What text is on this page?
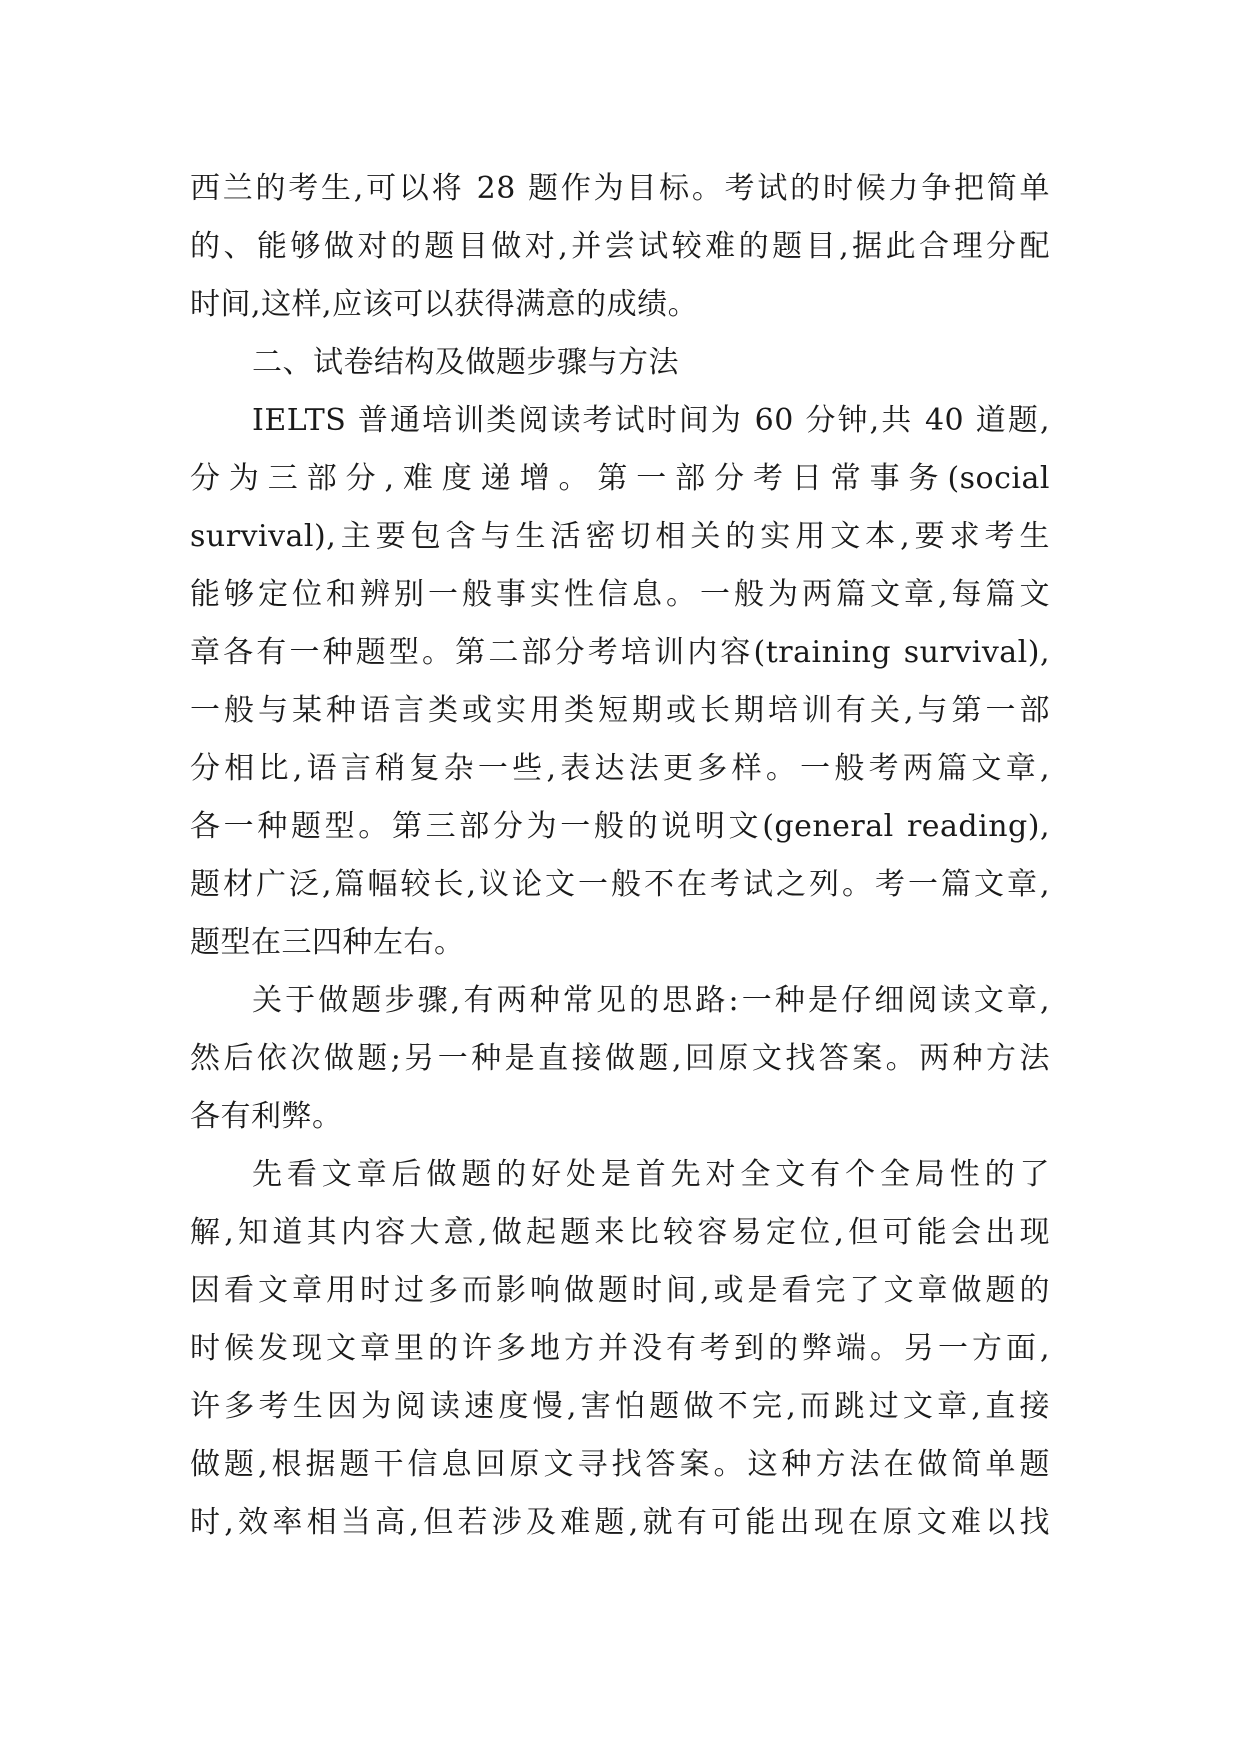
西兰的考生,可以将 28 题作为目标。考试的时候力争把简单
的、能够做对的题目做对,并尝试较难的题目,据此合理分配
时间,这样,应该可以获得满意的成绩。
二、试卷结构及做题步骤与方法
IELTS 普通培训类阅读考试时间为 60 分钟,共 40 道题,
分为三部分,难度递增。第一部分考日常事务(social
survival),主要包含与生活密切相关的实用文本,要求考生
能够定位和辨别一般事实性信息。一般为两篇文章,每篇文
章各有一种题型。第二部分考培训内容(training survival),
一般与某种语言类或实用类短期或长期培训有关,与第一部
分相比,语言稍复杂一些,表达法更多样。一般考两篇文章,
各一种题型。第三部分为一般的说明文(general reading),
题材广泛,篇幅较长,议论文一般不在考试之列。考一篇文章,
题型在三四种左右。
关于做题步骤,有两种常见的思路:一种是仔细阅读文章,
然后依次做题;另一种是直接做题,回原文找答案。两种方法
各有利弊。
先看文章后做题的好处是首先对全文有个全局性的了
解,知道其内容大意,做起题来比较容易定位,但可能会出现
因看文章用时过多而影响做题时间,或是看完了文章做题的
时候发现文章里的许多地方并没有考到的弊端。另一方面,
许多考生因为阅读速度慢,害怕题做不完,而跳过文章,直接
做题,根据题干信息回原文寻找答案。这种方法在做简单题
时,效率相当高,但若涉及难题,就有可能出现在原文难以找
